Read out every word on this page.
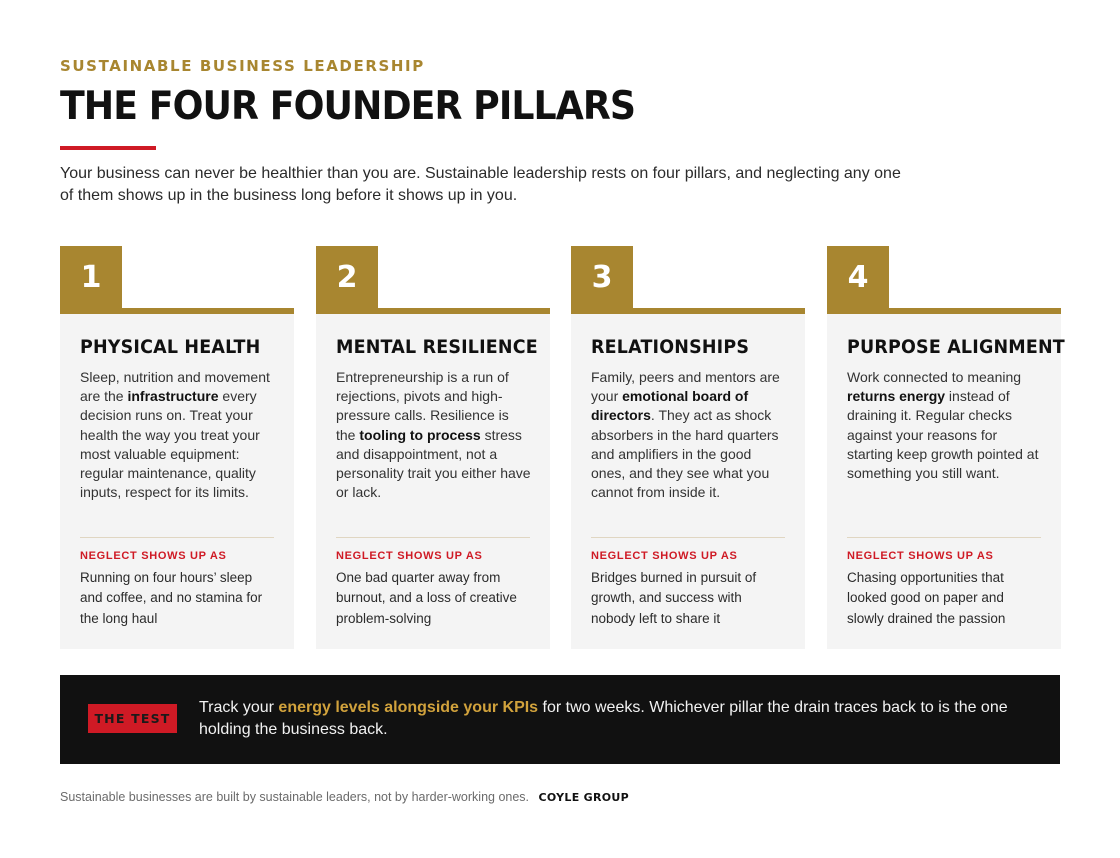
SUSTAINABLE BUSINESS LEADERSHIP
THE FOUR FOUNDER PILLARS

Your business can never be healthier than you are. Sustainable leadership rests on four pillars, and neglecting any one of them shows up in the business long before it shows up in you.

1
PHYSICAL HEALTH

Sleep, nutrition and movement are the infrastructure every decision runs on. Treat your health the way you treat your most valuable equipment: regular maintenance, quality inputs, respect for its limits.

NEGLECT SHOWS UP AS

Running on four hours’ sleep and coffee, and no stamina for the long haul

2
MENTAL RESILIENCE

Entrepreneurship is a run of rejections, pivots and high-pressure calls. Resilience is the tooling to process stress and disappointment, not a personality trait you either have or lack.

NEGLECT SHOWS UP AS

One bad quarter away from burnout, and a loss of creative problem-solving

3
RELATIONSHIPS

Family, peers and mentors are your emotional board of directors. They act as shock absorbers in the hard quarters and amplifiers in the good ones, and they see what you cannot from inside it.

NEGLECT SHOWS UP AS

Bridges burned in pursuit of growth, and success with nobody left to share it

4
PURPOSE ALIGNMENT

Work connected to meaning returns energy instead of draining it. Regular checks against your reasons for starting keep growth pointed at something you still want.

NEGLECT SHOWS UP AS

Chasing opportunities that looked good on paper and slowly drained the passion

THE TEST

Track your energy levels alongside your KPIs for two weeks. Whichever pillar the drain traces back to is the one holding the business back.

Sustainable businesses are built by sustainable leaders, not by harder-working ones. COYLE GROUP
